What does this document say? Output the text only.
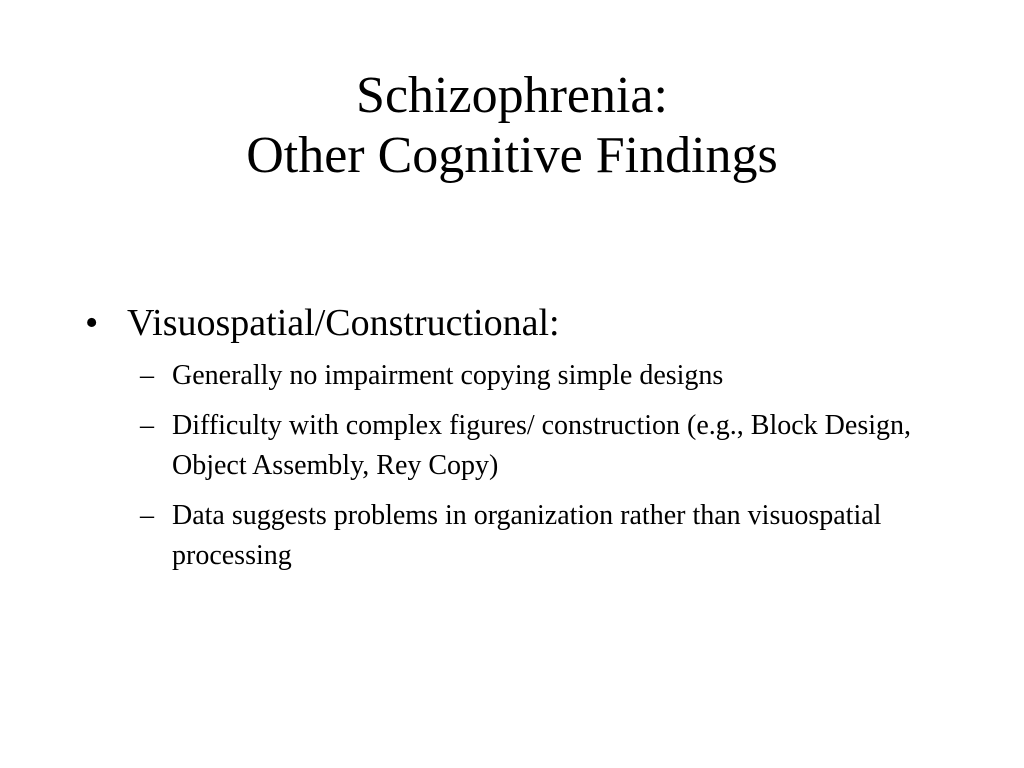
Schizophrenia:
Other Cognitive Findings
• Visuospatial/Constructional:
– Generally no impairment copying simple designs
– Difficulty with complex figures/ construction (e.g., Block Design, Object Assembly, Rey Copy)
– Data suggests problems in organization rather than visuospatial processing
